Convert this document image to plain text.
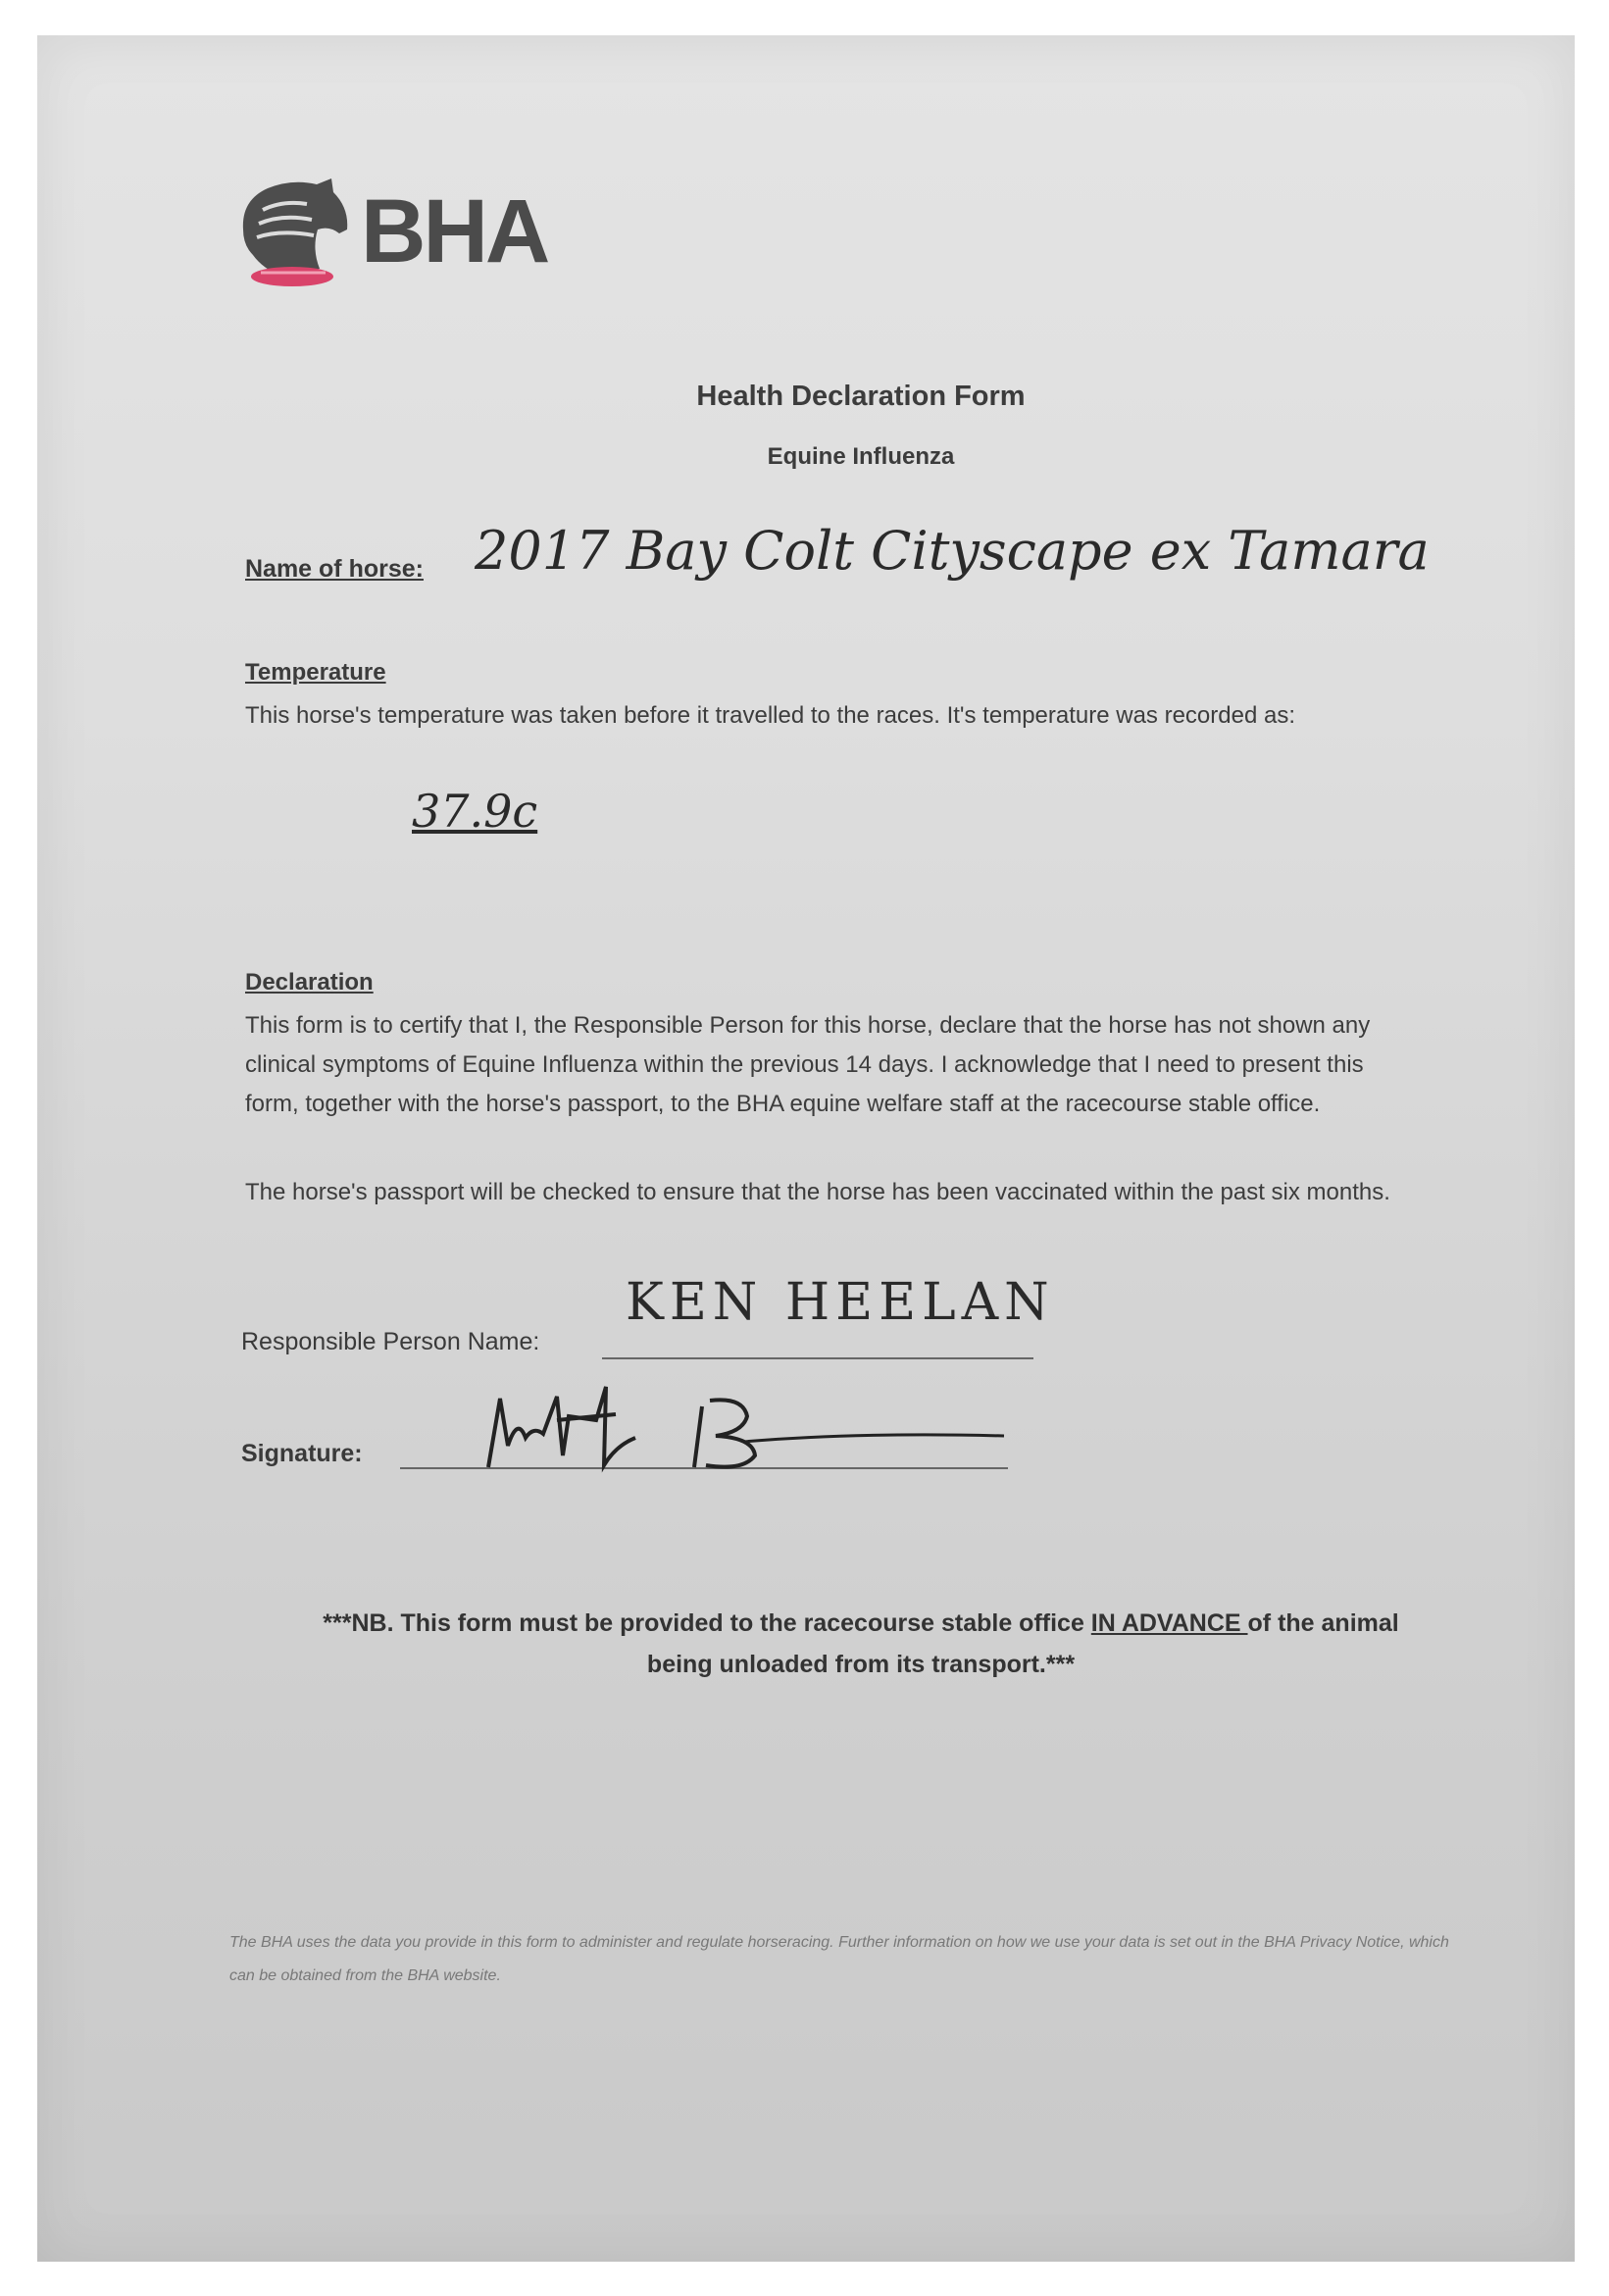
BHA
Health Declaration Form
Equine Influenza
Name of horse: 2017 Bay Colt Cityscape ex Tamara
Temperature
This horse's temperature was taken before it travelled to the races. It's temperature was recorded as:
37.9c
Declaration
This form is to certify that I, the Responsible Person for this horse, declare that the horse has not shown any clinical symptoms of Equine Influenza within the previous 14 days. I acknowledge that I need to present this form, together with the horse's passport, to the BHA equine welfare staff at the racecourse stable office.
The horse's passport will be checked to ensure that the horse has been vaccinated within the past six months.
Responsible Person Name:
KEN HEELAN
Signature:
***NB. This form must be provided to the racecourse stable office IN ADVANCE of the animal being unloaded from its transport.***
The BHA uses the data you provide in this form to administer and regulate horseracing. Further information on how we use your data is set out in the BHA Privacy Notice, which can be obtained from the BHA website.
